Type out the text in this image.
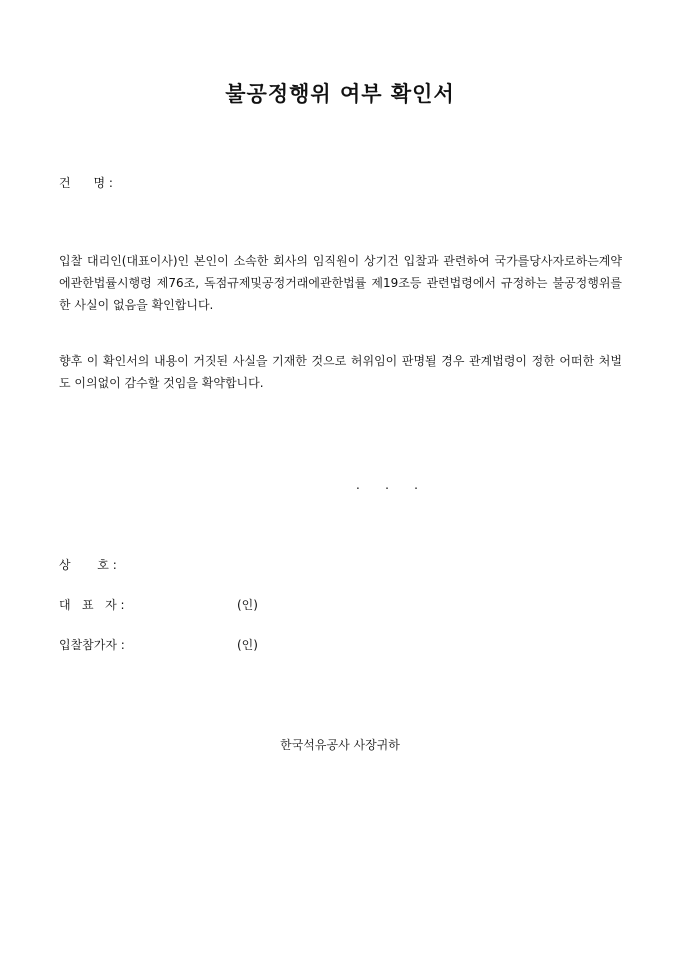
불공정행위 여부 확인서
건      명 :
입찰 대리인(대표이사)인 본인이 소속한 회사의 임직원이 상기건 입찰과 관련하여 국가를당사자로하는계약에관한법률시행령 제76조, 독점규제및공정거래에관한법률 제19조등 관련법령에서 규정하는 불공정행위를 한 사실이 없음을 확인합니다.
향후 이 확인서의 내용이 거짓된 사실을 기재한 것으로 허위임이 판명될 경우 관계법령이 정한 어떠한 처벌도 이의없이 감수할 것임을 확약합니다.
.    .    .
상       호 :
대   표   자 :	(인)
입찰참가자 :	(인)
한국석유공사 사장귀하
